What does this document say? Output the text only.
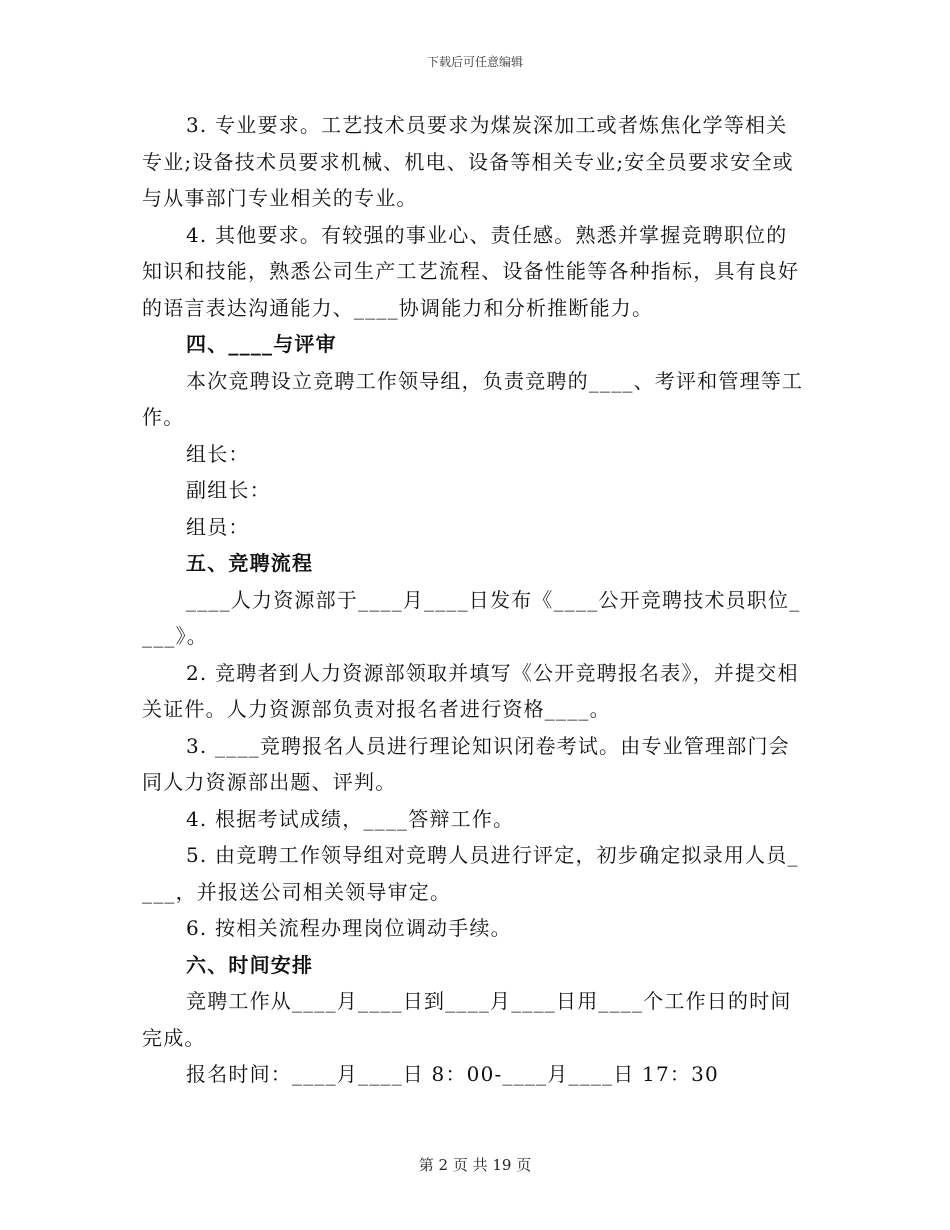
下载后可任意编辑

3. 专业要求。工艺技术员要求为煤炭深加工或者炼焦化学等相关专业;设备技术员要求机械、机电、设备等相关专业;安全员要求安全或与从事部门专业相关的专业。

4. 其他要求。有较强的事业心、责任感。熟悉并掌握竞聘职位的知识和技能，熟悉公司生产工艺流程、设备性能等各种指标，具有良好的语言表达沟通能力、____协调能力和分析推断能力。

四、____与评审

本次竞聘设立竞聘工作领导组，负责竞聘的____、考评和管理等工作。

组长：

副组长：

组员：

五、竞聘流程

____人力资源部于____月____日发布《____公开竞聘技术员职位____》。

2. 竞聘者到人力资源部领取并填写《公开竞聘报名表》，并提交相关证件。人力资源部负责对报名者进行资格____。

3. ____竞聘报名人员进行理论知识闭卷考试。由专业管理部门会同人力资源部出题、评判。

4. 根据考试成绩，____答辩工作。

5. 由竞聘工作领导组对竞聘人员进行评定，初步确定拟录用人员____，并报送公司相关领导审定。

6. 按相关流程办理岗位调动手续。

六、时间安排

竞聘工作从____月____日到____月____日用____个工作日的时间完成。

报名时间：____月____日 8：00-____月____日 17：30

第 2 页 共 19 页
